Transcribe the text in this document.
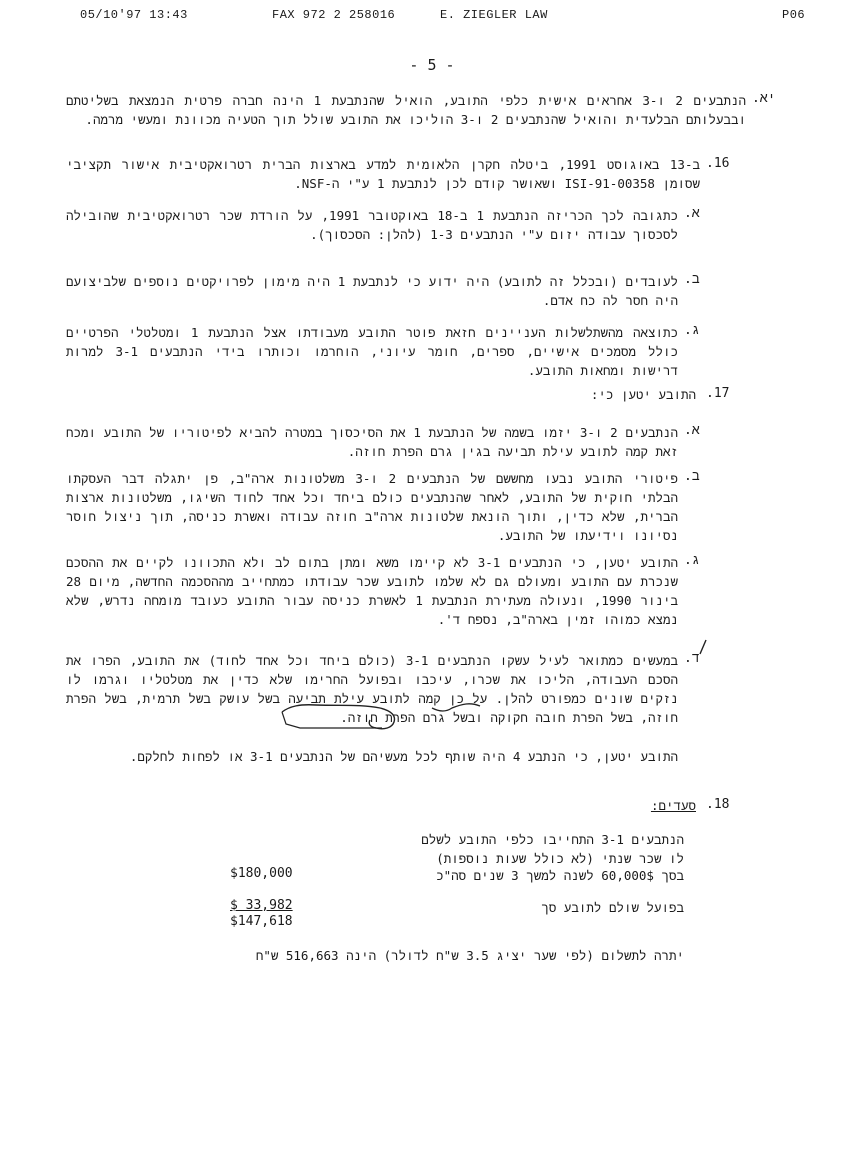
05/10'97 13:43	FAX 972 2 258016	E. ZIEGLER LAW	P06
- 5 -
יא.
הנתבעים 2 ו-3 אחראים אישית כלפי התובע, הואיל שהנתבעת 1 הינה חברה פרטית הנמצאת בשליטתם ובבעלותם הבלעדית והואיל שהנתבעים 2 ו-3 הוליכו את התובע שולל תוך הטעיה מכוונת ומעשי מרמה.
.16
ב-13 באוגוסט 1991, ביטלה חקרן הלאומית למדע בארצות הברית רטרואקטיבית אישור תקציבי שסומן ISI-91-00358 ושאושר קודם לכן לנתבעת 1 ע"י ה-NSF.
א.
כתגובה לכך הכריזה הנתבעת 1 ב-18 באוקטובר 1991, על הורדת שכר רטרואקטיבית שהובילה לסכסוך עבודה יזום ע"י הנתבעים 1-3 (להלן: הסכסוך).
ב.
לעובדים (ובכלל זה לתובע) היה ידוע כי לנתבעת 1 היה מימון לפרויקטים נוספים שלביצועם היה חסר לה כח אדם.
ג.
כתוצאה מהשתלשלות העניינים חזאת פוטר התובע מעבודתו אצל הנתבעת 1 ומטלטלי הפרטיים כולל מסמכים אישיים, ספרים, חומר עיוני, הוחרמו וכותרו בידי הנתבעים 3-1 למרות דרישות ומחאות התובע.
.17
התובע יטען כי:
א.
הנתבעים 2 ו-3 יזמו בשמה של הנתבעת 1 את הסיכסוך במטרה להביא לפיטוריו של התובע ומכח זאת קמה לתובע עילת תביעה בגין גרם הפרת חוזה.
ב.
פיטורי התובע נבעו מחששם של הנתבעים 2 ו-3 משלטונות ארה"ב, פן יתגלה דבר העסקתו הבלתי חוקית של התובע, לאחר שהנתבעים כולם ביחד וכל אחד לחוד השיגו, משלטונות ארצות הברית, שלא כדין, ותוך הונאת שלטונות ארה"ב חוזה עבודה ואשרת כניסה, תוך ניצול חוסר נסיונו וידיעתו של התובע.
ג.
התובע יטען, כי הנתבעים 3-1 לא קיימו משא ומתן בתום לב ולא התכוונו לקיים את ההסכם שנכרת עם התובע ומעולם גם לא שלמו לתובע שכר עבודתו כמתחייב מההסכמה החדשה, מיום 28 בינור 1990, ונעולה מעתירת הנתבעת 1 לאשרת כניסה עבור התובע כעובד מומחה נדרש, שלא נמצא כמוהו זמין בארה"ב, נספח ד'.
ד.
במעשים כמתואר לעיל עשקו הנתבעים 3-1 (כולם ביחד וכל אחד לחוד) את התובע, הפרו את הסכם העבודה, הליכו את שכרו, עיכבו ובפועל החרימו שלא כדין את מטלטליו וגרמו לו נזקים שונים כמפורט להלן. על כן קמה לתובע עילת תביעה בשל עושק בשל תרמית, בשל הפרת חוזה, בשל הפרת חובה חקוקה ובשל גרם הפרת חוזה.
התובע יטען, כי הנתבע 4 היה שותף לכל מעשיהם של הנתבעים 3-1 או לפחות לחלקם.
.18
סעדים:
הנתבעים 3-1 התחייבו כלפי התובע לשלם
לו שכר שנתי (לא כולל שעות נוספות)
בסך 60,000$ לשנה למשך 3 שנים סה"כ
$180,000
בפועל שולם לתובע סך
$ 33,982
$147,618
יתרה לתשלום (לפי שער יציג 3.5 ש"ח לדולר) הינה 516,663 ש"ח
